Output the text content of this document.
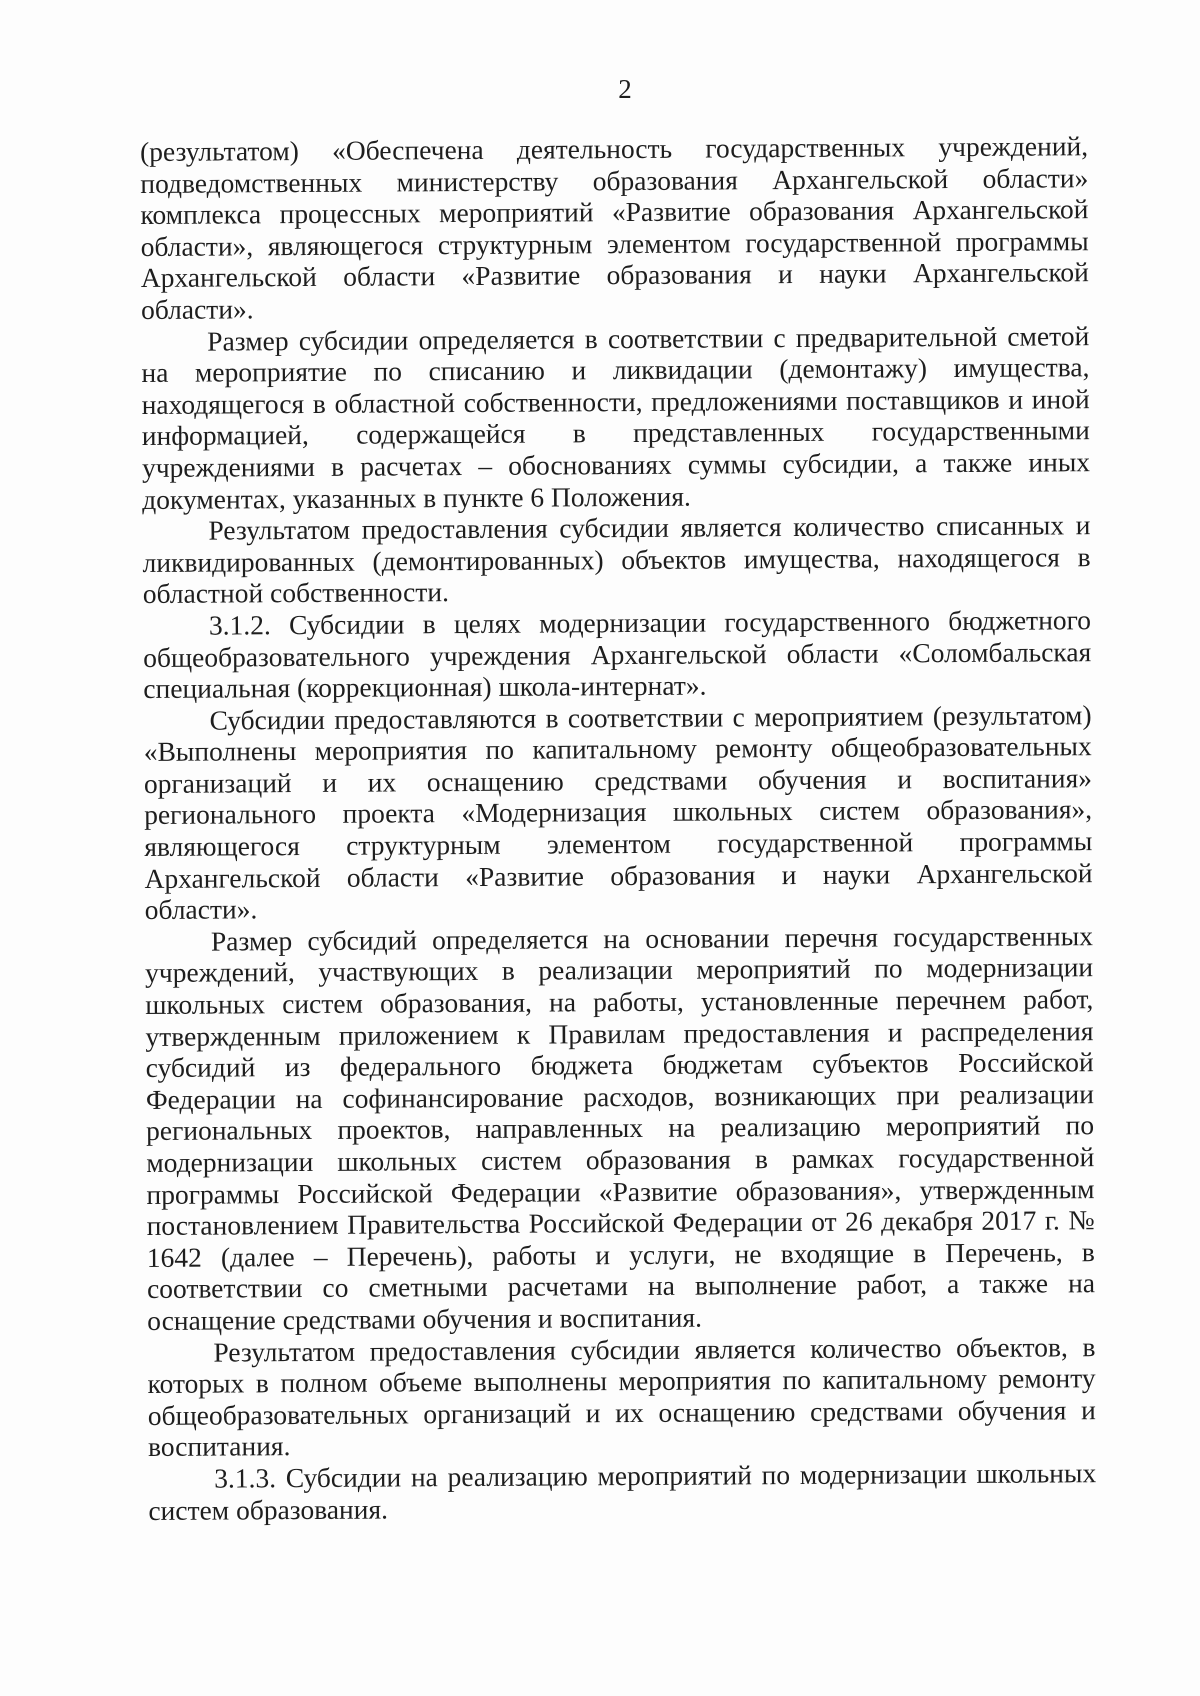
2

(результатом) «Обеспечена деятельность государственных учреждений, подведомственных министерству образования Архангельской области» комплекса процессных мероприятий «Развитие образования Архангельской области», являющегося структурным элементом государственной программы Архангельской области «Развитие образования и науки Архангельской области».

Размер субсидии определяется в соответствии с предварительной сметой на мероприятие по списанию и ликвидации (демонтажу) имущества, находящегося в областной собственности, предложениями поставщиков и иной информацией, содержащейся в представленных государственными учреждениями в расчетах – обоснованиях суммы субсидии, а также иных документах, указанных в пункте 6 Положения.

Результатом предоставления субсидии является количество списанных и ликвидированных (демонтированных) объектов имущества, находящегося в областной собственности.

3.1.2. Субсидии в целях модернизации государственного бюджетного общеобразовательного учреждения Архангельской области «Соломбальская специальная (коррекционная) школа-интернат».

Субсидии предоставляются в соответствии с мероприятием (результатом) «Выполнены мероприятия по капитальному ремонту общеобразовательных организаций и их оснащению средствами обучения и воспитания» регионального проекта «Модернизация школьных систем образования», являющегося структурным элементом государственной программы Архангельской области «Развитие образования и науки Архангельской области».

Размер субсидий определяется на основании перечня государственных учреждений, участвующих в реализации мероприятий по модернизации школьных систем образования, на работы, установленные перечнем работ, утвержденным приложением к Правилам предоставления и распределения субсидий из федерального бюджета бюджетам субъектов Российской Федерации на софинансирование расходов, возникающих при реализации региональных проектов, направленных на реализацию мероприятий по модернизации школьных систем образования в рамках государственной программы Российской Федерации «Развитие образования», утвержденным постановлением Правительства Российской Федерации от 26 декабря 2017 г. № 1642 (далее – Перечень), работы и услуги, не входящие в Перечень, в соответствии со сметными расчетами на выполнение работ, а также на оснащение средствами обучения и воспитания.

Результатом предоставления субсидии является количество объектов, в которых в полном объеме выполнены мероприятия по капитальному ремонту общеобразовательных организаций и их оснащению средствами обучения и воспитания.

3.1.3. Субсидии на реализацию мероприятий по модернизации школьных систем образования.
